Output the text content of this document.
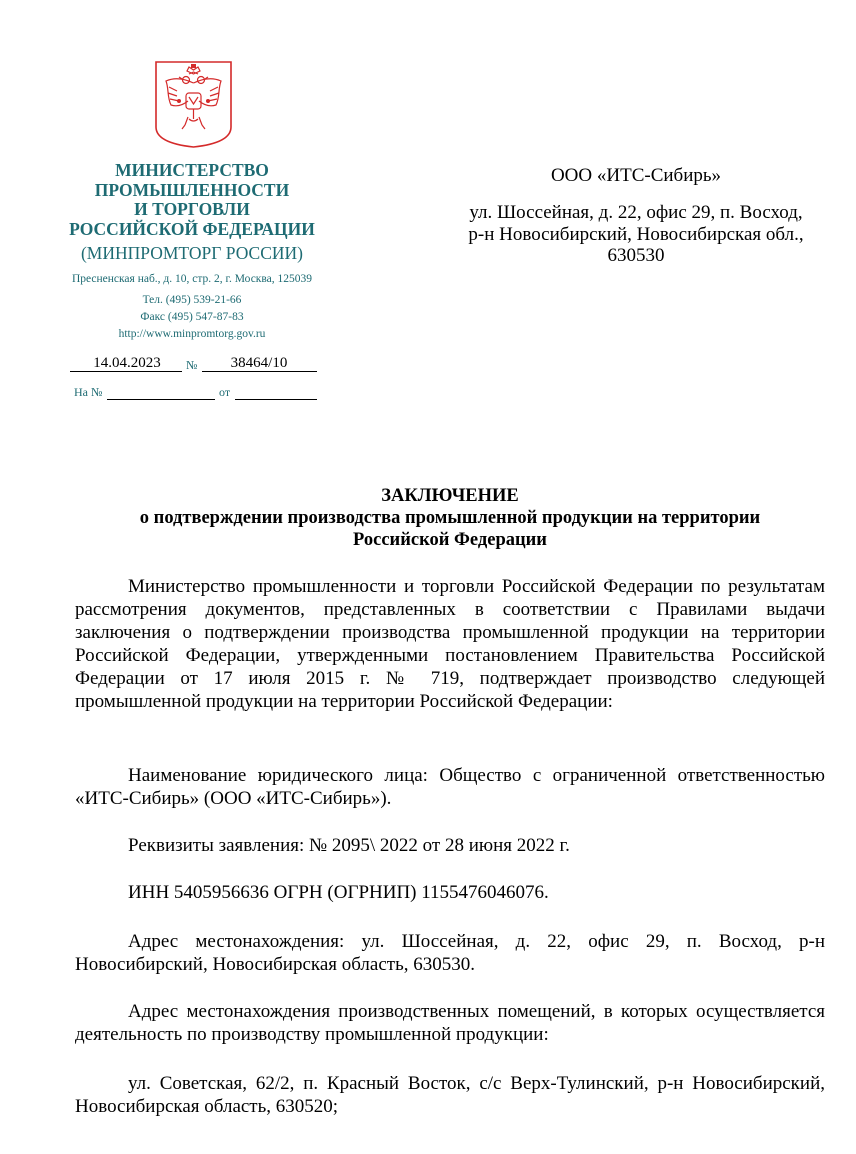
МИНИСТЕРСТВО
ПРОМЫШЛЕННОСТИ
И ТОРГОВЛИ
РОССИЙСКОЙ ФЕДЕРАЦИИ
(МИНПРОМТОРГ РОССИИ)
Пресненская наб., д. 10, стр. 2, г. Москва, 125039
Тел. (495) 539-21-66
Факс (495) 547-87-83
http://www.minpromtorg.gov.ru
14.04.2023	№	38464/10
На №	от
ООО «ИТС-Сибирь»
ул. Шоссейная, д. 22, офис 29, п. Восход,
р-н Новосибирский, Новосибирская обл.,
630530
ЗАКЛЮЧЕНИЕ
о подтверждении производства промышленной продукции на территории
Российской Федерации
Министерство промышленности и торговли Российской Федерации по результатам рассмотрения документов, представленных в соответствии с Правилами выдачи заключения о подтверждении производства промышленной продукции на территории Российской Федерации, утвержденными постановлением Правительства Российской Федерации от 17 июля 2015 г. № 719, подтверждает производство следующей промышленной продукции на территории Российской Федерации:
Наименование юридического лица: Общество с ограниченной ответственностью «ИТС-Сибирь» (ООО «ИТС-Сибирь»).
Реквизиты заявления: № 2095\ 2022 от 28 июня 2022 г.
ИНН 5405956636 ОГРН (ОГРНИП) 1155476046076.
Адрес местонахождения: ул. Шоссейная, д. 22, офис 29, п. Восход, р-н Новосибирский, Новосибирская область, 630530.
Адрес местонахождения производственных помещений, в которых осуществляется деятельность по производству промышленной продукции:
ул. Советская, 62/2, п. Красный Восток, с/с Верх-Тулинский, р-н Новосибирский, Новосибирская область, 630520;
